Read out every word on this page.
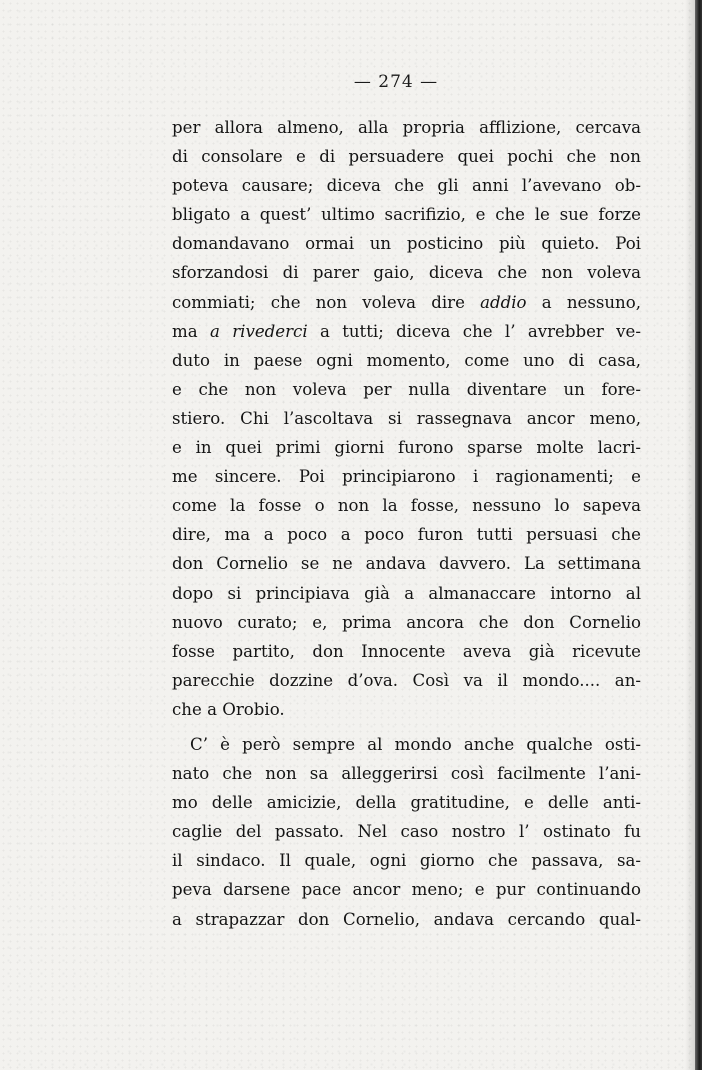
— 274 —
per allora almeno, alla propria afflizione, cercava
di consolare e di persuadere quei pochi che non
poteva causare; diceva che gli anni l’avevano ob-
bligato a quest’ ultimo sacrifizio, e che le sue forze
domandavano ormai un posticino più quieto. Poi
sforzandosi di parer gaio, diceva che non voleva
commiati; che non voleva dire addio a nessuno,
ma a rivederci a tutti; diceva che l’ avrebber ve-
duto in paese ogni momento, come uno di casa,
e che non voleva per nulla diventare un fore-
stiero. Chi l’ascoltava si rassegnava ancor meno,
e in quei primi giorni furono sparse molte lacri-
me sincere. Poi principiarono i ragionamenti; e
come la fosse o non la fosse, nessuno lo sapeva
dire, ma a poco a poco furon tutti persuasi che
don Cornelio se ne andava davvero. La settimana
dopo si principiava già a almanaccare intorno al
nuovo curato; e, prima ancora che don Cornelio
fosse partito, don Innocente aveva già ricevute
parecchie dozzine d’ova. Così va il mondo.... an-
che a Orobio.
C’ è però sempre al mondo anche qualche osti-
nato che non sa alleggerirsi così facilmente l’ani-
mo delle amicizie, della gratitudine, e delle anti-
caglie del passato. Nel caso nostro l’ ostinato fu
il sindaco. Il quale, ogni giorno che passava, sa-
peva darsene pace ancor meno; e pur continuando
a strapazzar don Cornelio, andava cercando qual-
